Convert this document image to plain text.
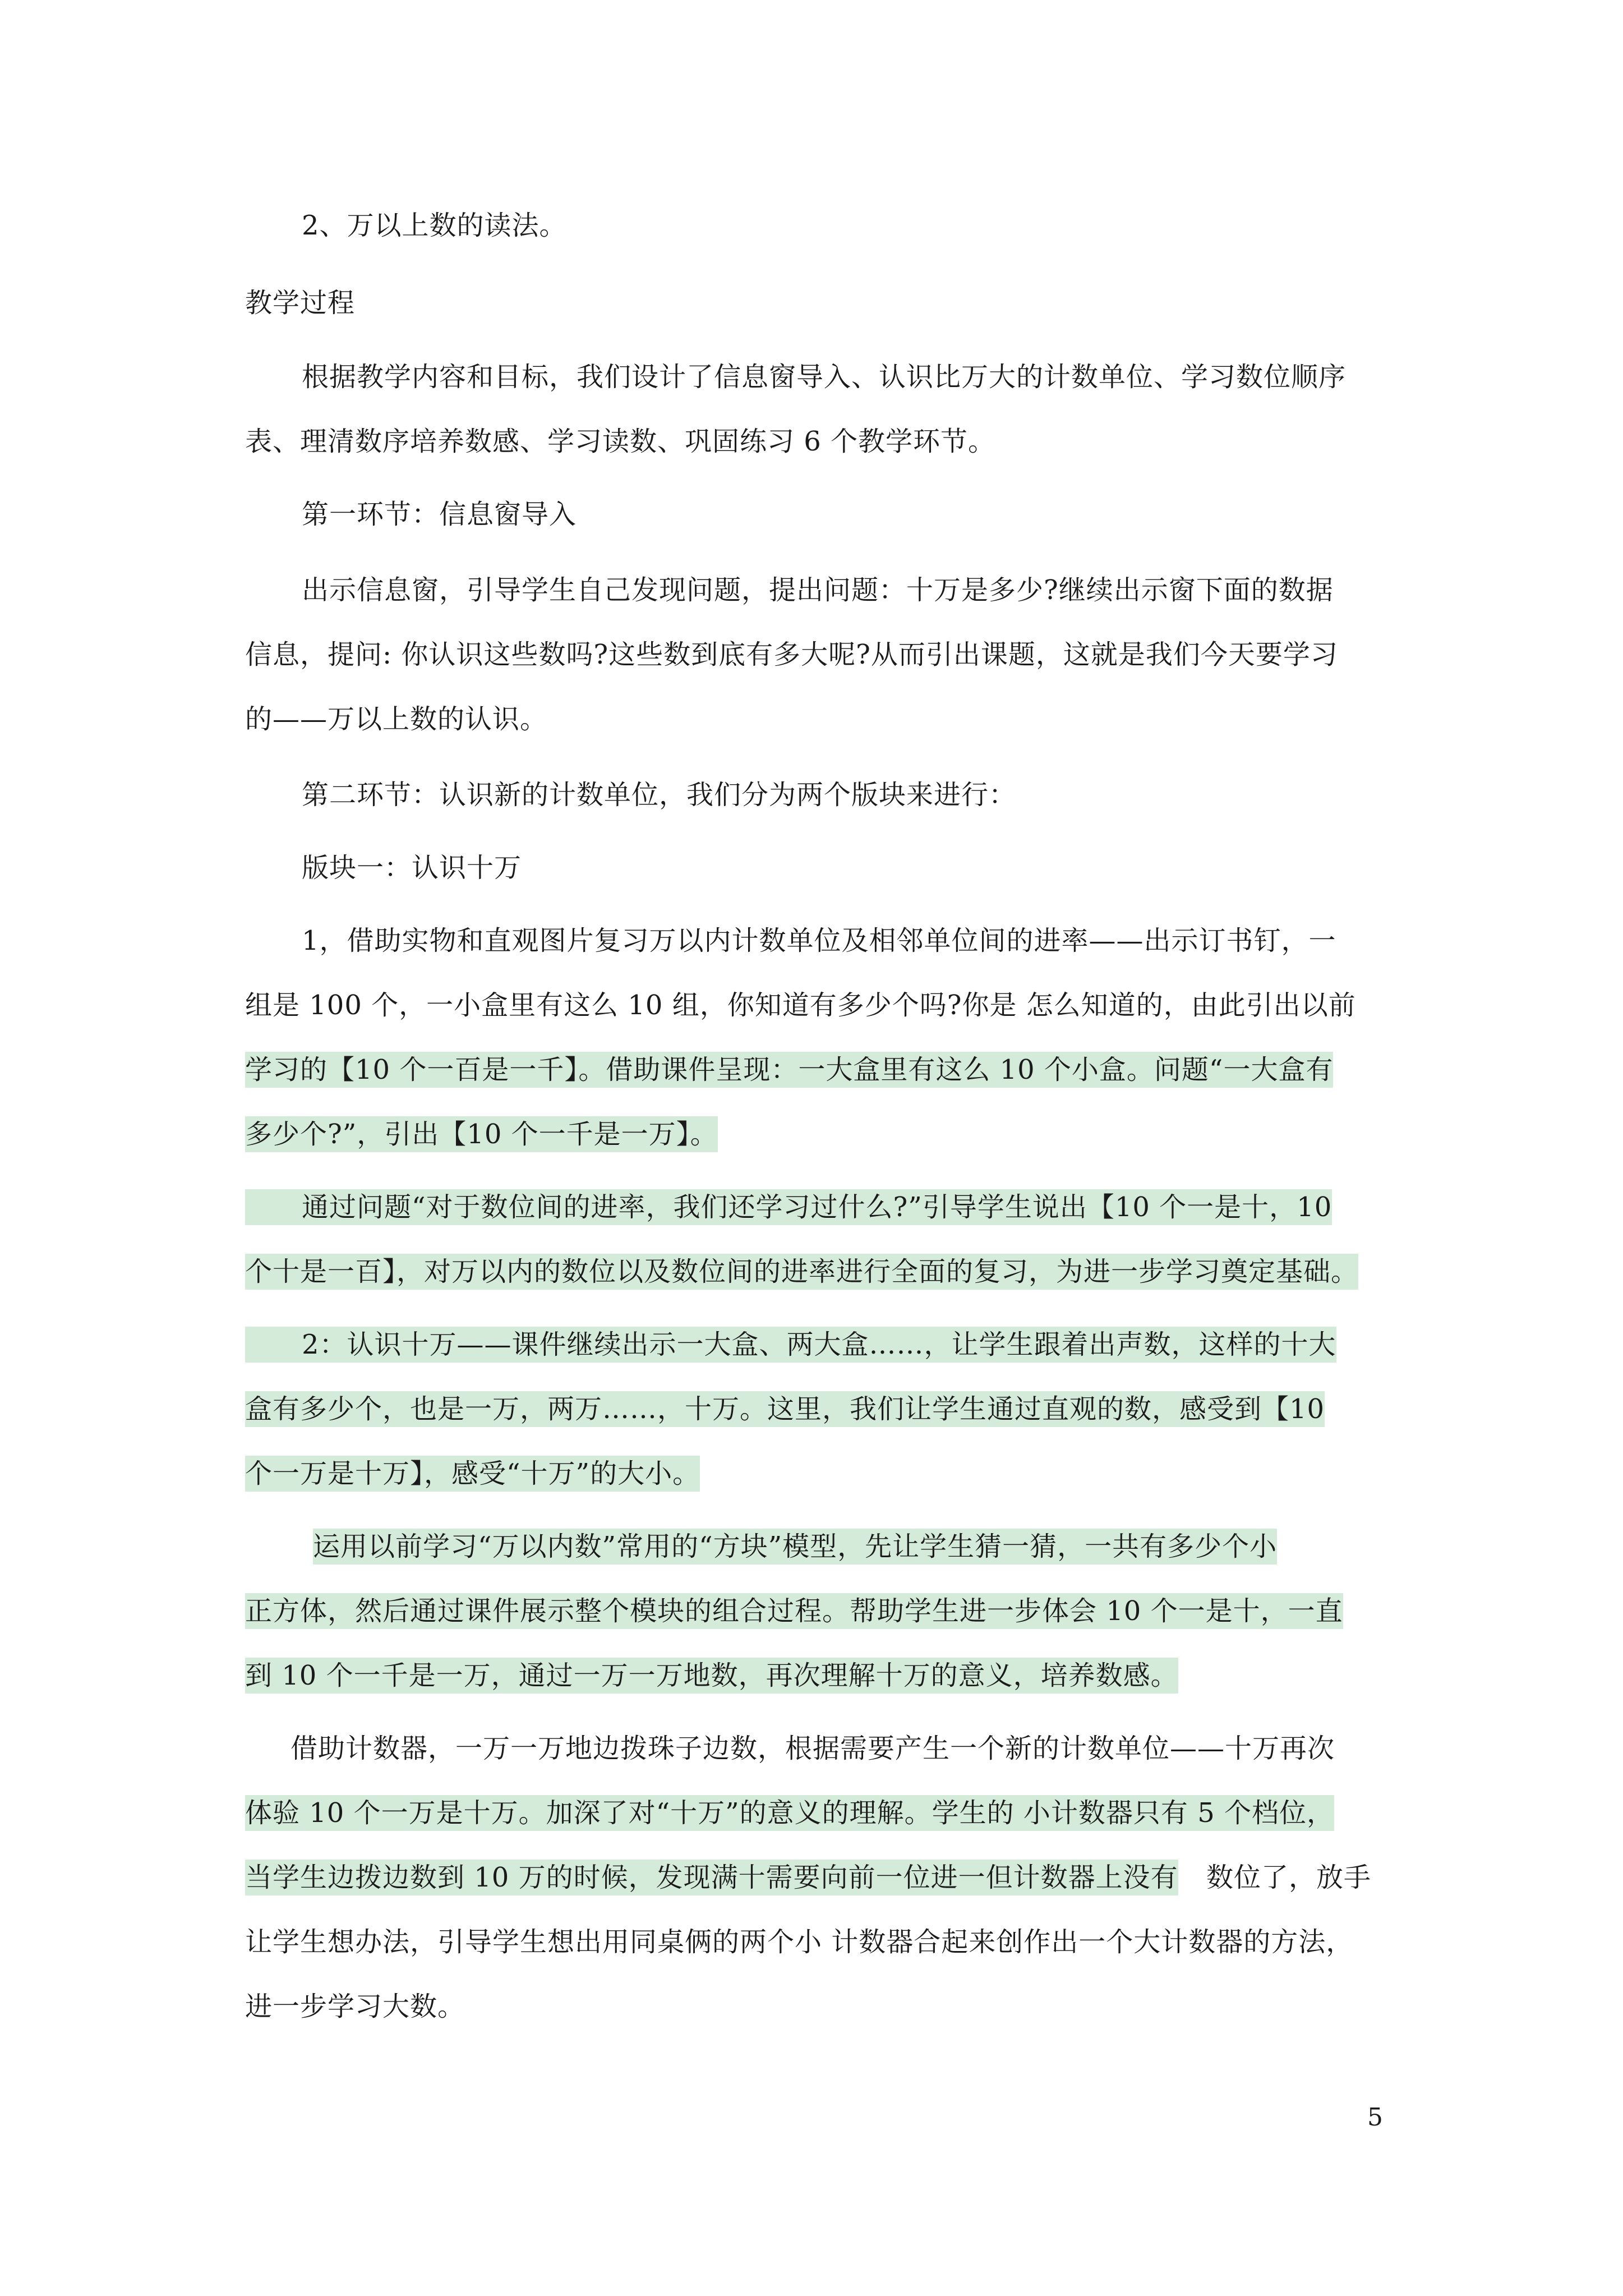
2、万以上数的读法。
教学过程
根据教学内容和目标，我们设计了信息窗导入、认识比万大的计数单位、学习数位顺序
表、理清数序培养数感、学习读数、巩固练习 6 个教学环节。
第一环节：信息窗导入
出示信息窗，引导学生自己发现问题，提出问题：十万是多少?继续出示窗下面的数据
信息，提问: 你认识这些数吗?这些数到底有多大呢?从而引出课题，这就是我们今天要学习
的——万以上数的认识。
第二环节：认识新的计数单位，我们分为两个版块来进行：
版块一：认识十万
1，借助实物和直观图片复习万以内计数单位及相邻单位间的进率——出示订书钉，一
组是 100 个，一小盒里有这么 10 组，你知道有多少个吗?你是 怎么知道的，由此引出以前
学习的【10 个一百是一千】。借助课件呈现：一大盒里有这么 10 个小盒。问题“一大盒有
多少个?”，引出【10 个一千是一万】。
通过问题“对于数位间的进率，我们还学习过什么?”引导学生说出【10 个一是十，10
个十是一百】，对万以内的数位以及数位间的进率进行全面的复习，为进一步学习奠定基础。
2：认识十万——课件继续出示一大盒、两大盒……，让学生跟着出声数，这样的十大
盒有多少个，也是一万，两万……，十万。这里，我们让学生通过直观的数，感受到【10
个一万是十万】，感受“十万”的大小。
运用以前学习“万以内数”常用的“方块”模型，先让学生猜一猜，一共有多少个小
正方体，然后通过课件展示整个模块的组合过程。帮助学生进一步体会 10 个一是十，一直
到 10 个一千是一万，通过一万一万地数，再次理解十万的意义，培养数感。
借助计数器，一万一万地边拨珠子边数，根据需要产生一个新的计数单位——十万再次
体验 10 个一万是十万。加深了对“十万”的意义的理解。学生的 小计数器只有 5 个档位，
当学生边拨边数到 10 万的时候，发现满十需要向前一位进一但计数器上没有 数位了，放手
让学生想办法，引导学生想出用同桌俩的两个小 计数器合起来创作出一个大计数器的方法，
进一步学习大数。
5
